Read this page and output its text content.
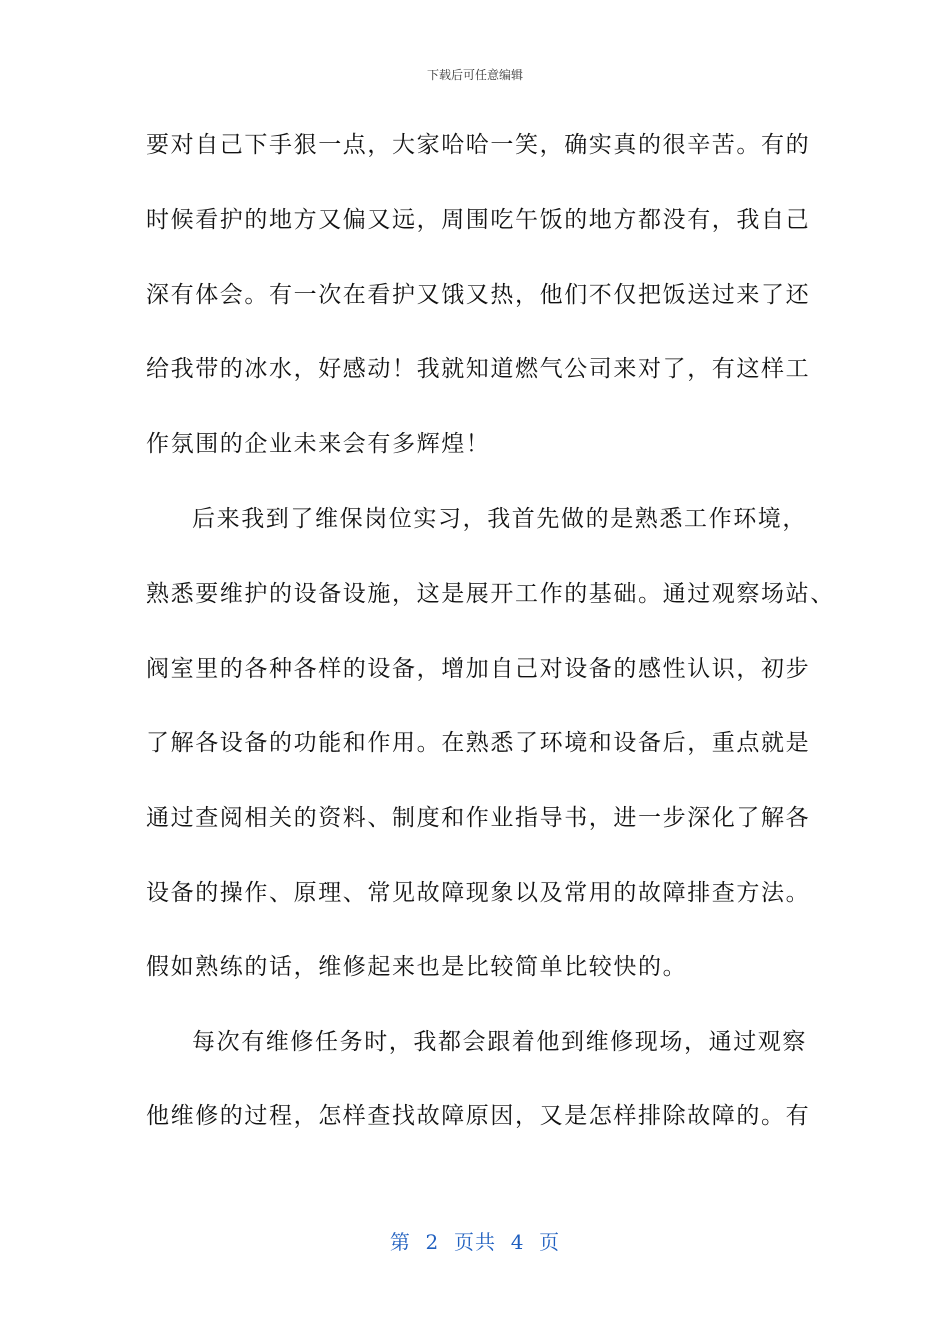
下载后可任意编辑
要对自己下手狠一点，大家哈哈一笑，确实真的很辛苦。有的
时候看护的地方又偏又远，周围吃午饭的地方都没有，我自己
深有体会。有一次在看护又饿又热，他们不仅把饭送过来了还
给我带的冰水，好感动！我就知道燃气公司来对了，有这样工
作氛围的企业未来会有多辉煌！
后来我到了维保岗位实习，我首先做的是熟悉工作环境，
熟悉要维护的设备设施，这是展开工作的基础。通过观察场站、
阀室里的各种各样的设备，增加自己对设备的感性认识，初步
了解各设备的功能和作用。在熟悉了环境和设备后，重点就是
通过查阅相关的资料、制度和作业指导书，进一步深化了解各
设备的操作、原理、常见故障现象以及常用的故障排查方法。
假如熟练的话，维修起来也是比较简单比较快的。
每次有维修任务时，我都会跟着他到维修现场，通过观察
他维修的过程，怎样查找故障原因，又是怎样排除故障的。有
第  2  页共  4  页
